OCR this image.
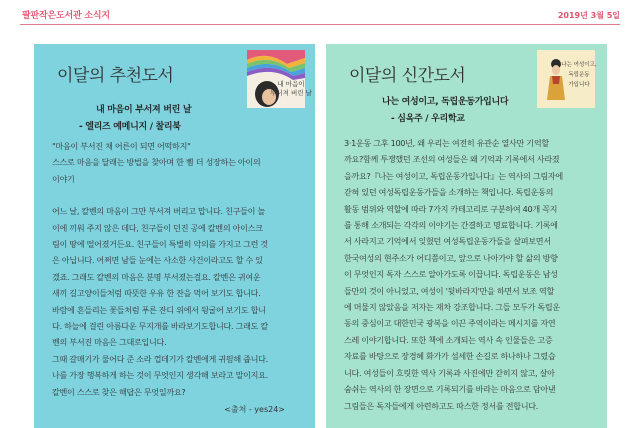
팔판작은도서관 소식지	2019년 3월 5일
이달의 추천도서	내 마음이
부서져 버린 날
내 마음이 부서져 버린 날
- 엘리즈 예메니지 / 찰리북

"마음이 부서진 채 어른이 되면 어떡하지"

스스로 마음을 달래는 방법을 찾아며 한 뼘 더 성장하는 아이의

이야기

어느 날, 칼벤의 마음이 그만 부서져 버리고 맙니다. 친구들이 놀

이에 끼워 주지 않은 데다, 친구들이 던진 공에 칼벤의 아이스크

림이 땅에 떨어졌거든요. 친구들이 특별히 악의를 가지고 그런 것

은 아닙니다. 어쩌면 남들 눈에는 사소한 사건이라고도 할 수 있

겠죠. 그래도 칼벤의 마음은 분명 부서졌는걸요. 칼벤은 귀여운

새끼 길고양이들처럼 따뜻한 우유 한 잔을 먹어 보기도 합니다.

바람에 흔들리는 꽃들처럼 푸른 잔디 위에서 뒹굴어 보기도 합니

다. 하늘에 걸린 아름다운 무지개를 바라보기도합니다. 그래도 칼

벤의 부서진 마음은 그대로입니다.

그때 갈매기가 물어다 준 소라 껍데기가 칼벤에게 귀띔해 줍니다.

나를 가장 행복하게 하는 것이 무엇인지 생각해 보라고 말이지요.

칼벤이 스스로 찾은 해답은 무엇일까요?

<출처 - yes24>
이달의 신간도서
나는 여성이고,
독립운동
가입니다
나는 여성이고, 독립운동가입니다
- 심옥주 / 우리학교

3·1운동 그후 100년, 왜 우리는 여전히 유관순 열사만 기억할

까요?함께 투쟁했던 조선의 여성들은 왜 기억과 기록에서 사라졌

을까요?『나는 여성이고, 독립운동가입니다』는 역사의 그림자에

갇혀 있던 여성독립운동가들을 소개하는 책입니다. 독립운동의

활동 범위와 역할에 따라 7가지 카테고리로 구분하여 40개 꼭지

를 통해 소개되는 각각의 이야기는 간결하고 명료합니다. 기록에

서 사라지고 기억에서 잊혔던 여성독립운동가들을 살펴보면서

한국여성의 현주소가 어디쯤이고, 앞으로 나아가야 할 삶의 방향

이 무엇인지 독자 스스로 알아가도록 이끕니다. 독립운동은 남성

들만의 것이 아니었고, 여성이 '뒷바라지'만을 하면서 보조 역할

에 머물지 않았음을 저자는 재차 강조합니다. 그들 모두가 독립운

동의 중심이고 대한민국 광복을 이끈 주역이라는 메시지를 자연

스레 이야기합니다. 또한 책에 소개되는 역사 속 인물들은 고증

자료를 바탕으로 장경혜 화가가 섬세한 손길로 하나하나 그렸습

니다. 여성들이 흐릿한 역사 기록과 사진에만 갇히지 않고, 살아

숨쉬는 역사의 한 장면으로 기록되기를 바라는 마음으로 담아낸

그림들은 독자들에게 아련하고도 따스한 정서를 전합니다.
